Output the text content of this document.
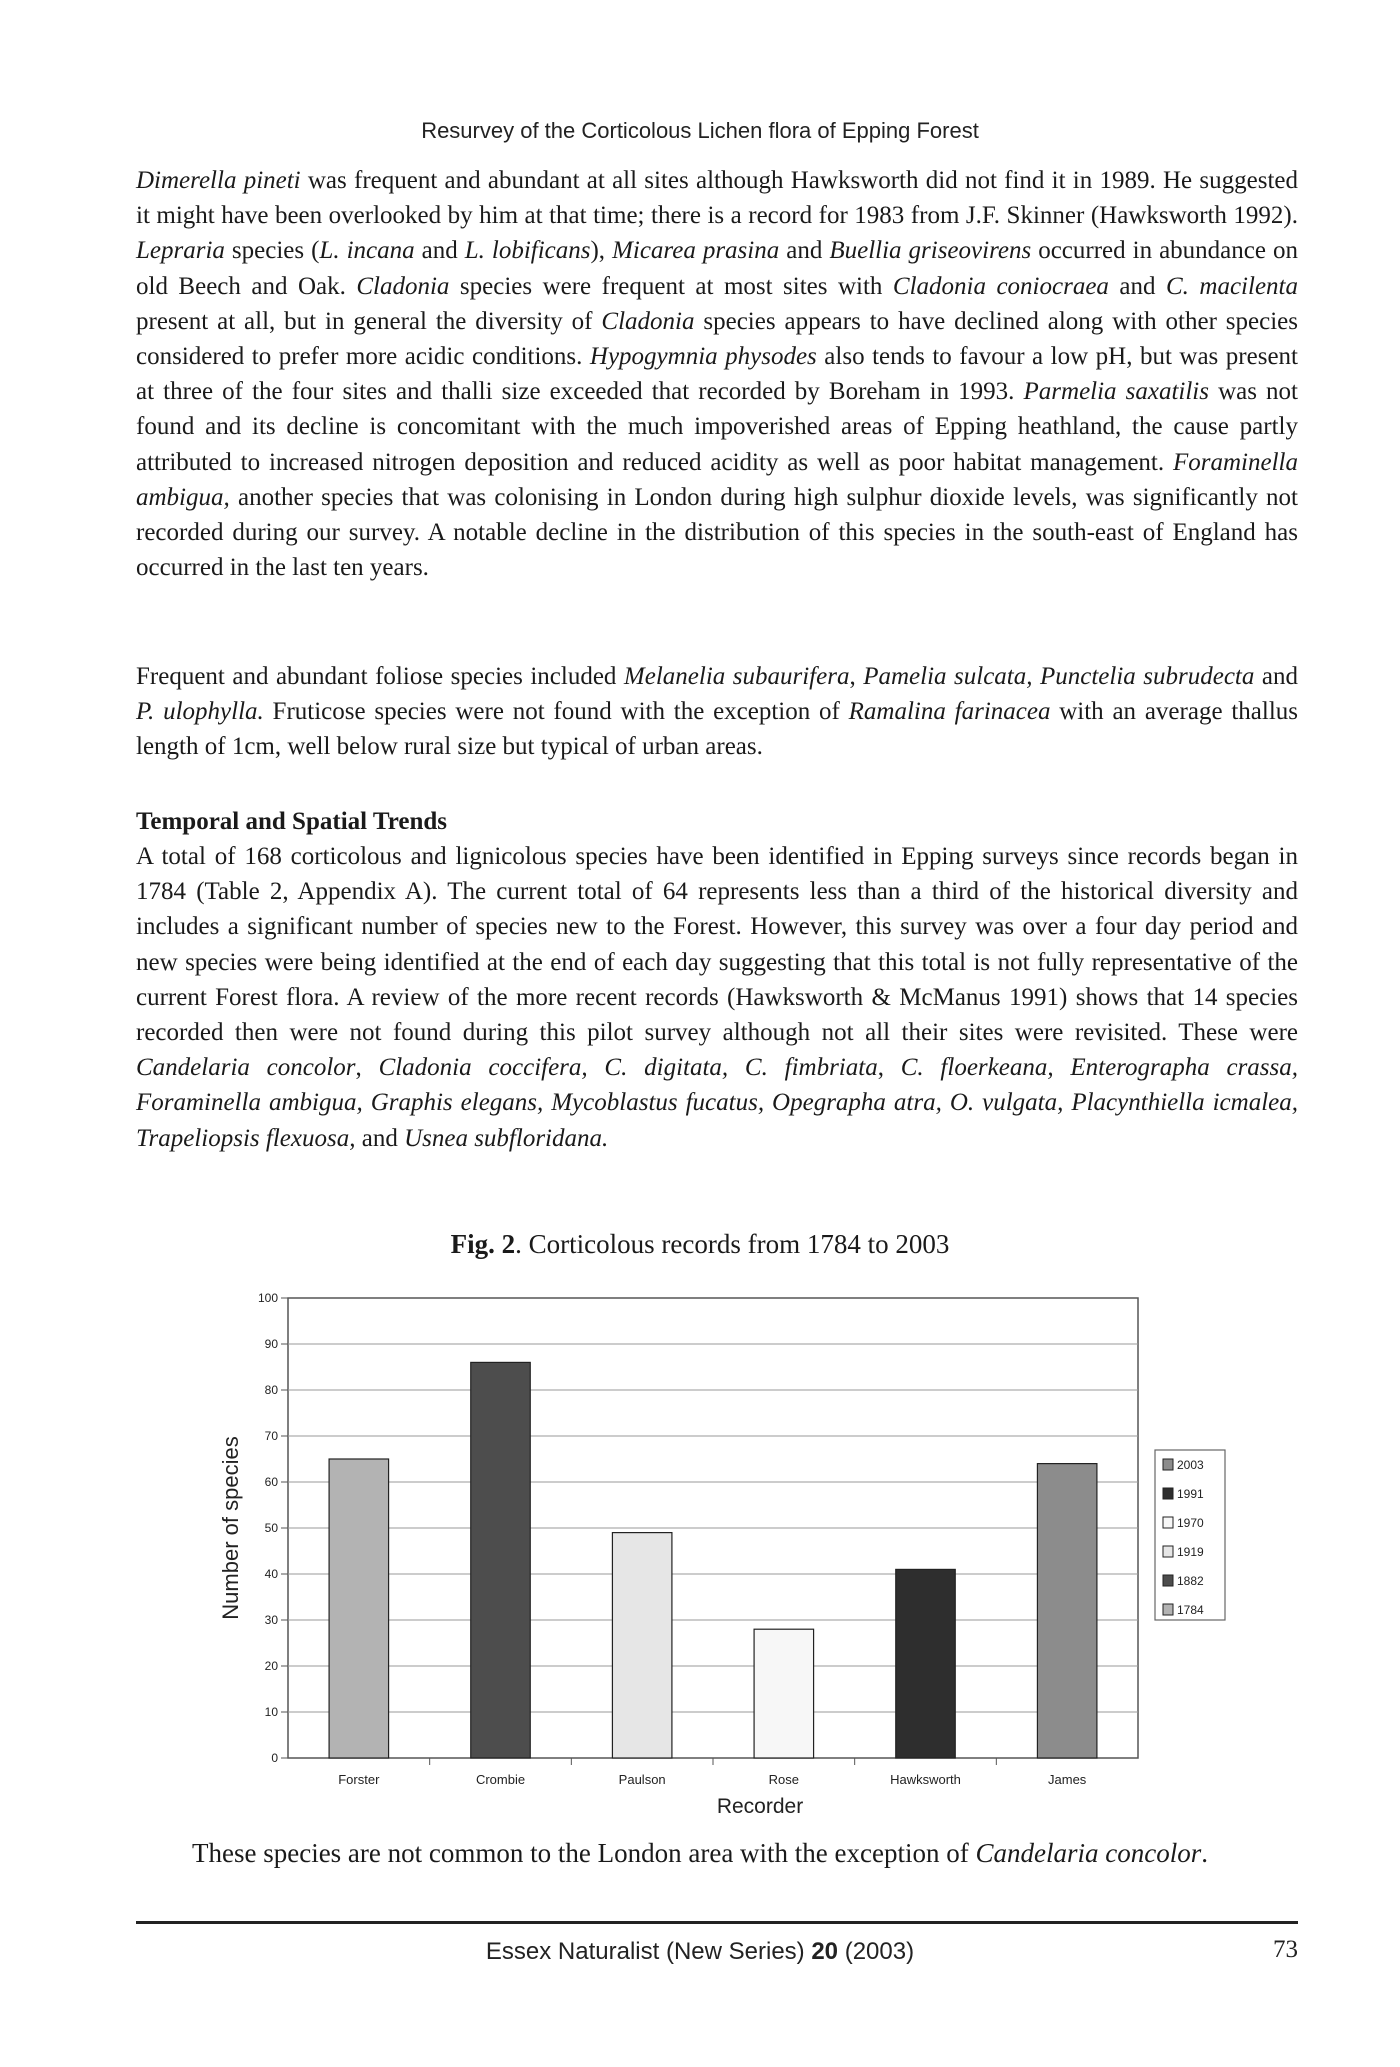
Resurvey of the Corticolous Lichen flora of Epping Forest

Dimerella pineti was frequent and abundant at all sites although Hawksworth did not find it in 1989. He suggested it might have been overlooked by him at that time; there is a record for 1983 from J.F. Skinner (Hawksworth 1992). Lepraria species (L. incana and L. lobificans), Micarea prasina and Buellia griseovirens occurred in abundance on old Beech and Oak. Cladonia species were frequent at most sites with Cladonia coniocraea and C. macilenta present at all, but in general the diversity of Cladonia species appears to have declined along with other species considered to prefer more acidic conditions. Hypogymnia physodes also tends to favour a low pH, but was present at three of the four sites and thalli size exceeded that recorded by Boreham in 1993. Parmelia saxatilis was not found and its decline is concomitant with the much impoverished areas of Epping heathland, the cause partly attributed to increased nitrogen deposition and reduced acidity as well as poor habitat management. Foraminella ambigua, another species that was colonising in London during high sulphur dioxide levels, was significantly not recorded during our survey. A notable decline in the distribution of this species in the south-east of England has occurred in the last ten years.

Frequent and abundant foliose species included Melanelia subaurifera, Pamelia sulcata, Punctelia subrudecta and P. ulophylla. Fruticose species were not found with the exception of Ramalina farinacea with an average thallus length of 1cm, well below rural size but typical of urban areas.

Temporal and Spatial Trends

A total of 168 corticolous and lignicolous species have been identified in Epping surveys since records began in 1784 (Table 2, Appendix A). The current total of 64 represents less than a third of the historical diversity and includes a significant number of species new to the Forest. However, this survey was over a four day period and new species were being identified at the end of each day suggesting that this total is not fully representative of the current Forest flora. A review of the more recent records (Hawksworth & McManus 1991) shows that 14 species recorded then were not found during this pilot survey although not all their sites were revisited. These were Candelaria concolor, Cladonia coccifera, C. digitata, C. fimbriata, C. floerkeana, Enterographa crassa, Foraminella ambigua, Graphis elegans, Mycoblastus fucatus, Opegrapha atra, O. vulgata, Placynthiella icmalea, Trapeliopsis flexuosa, and Usnea subfloridana.

Fig. 2. Corticolous records from 1784 to 2003
0
10
20
30
40
50
60
70
80
90
100
Forster	Crombie	Paulson	Rose	Hawksworth	James
Recorder
Number of species	2003
1991
1970
1919
1882
1784
These species are not common to the London area with the exception of Candelaria concolor.
Essex Naturalist (New Series) 20 (2003)	73
